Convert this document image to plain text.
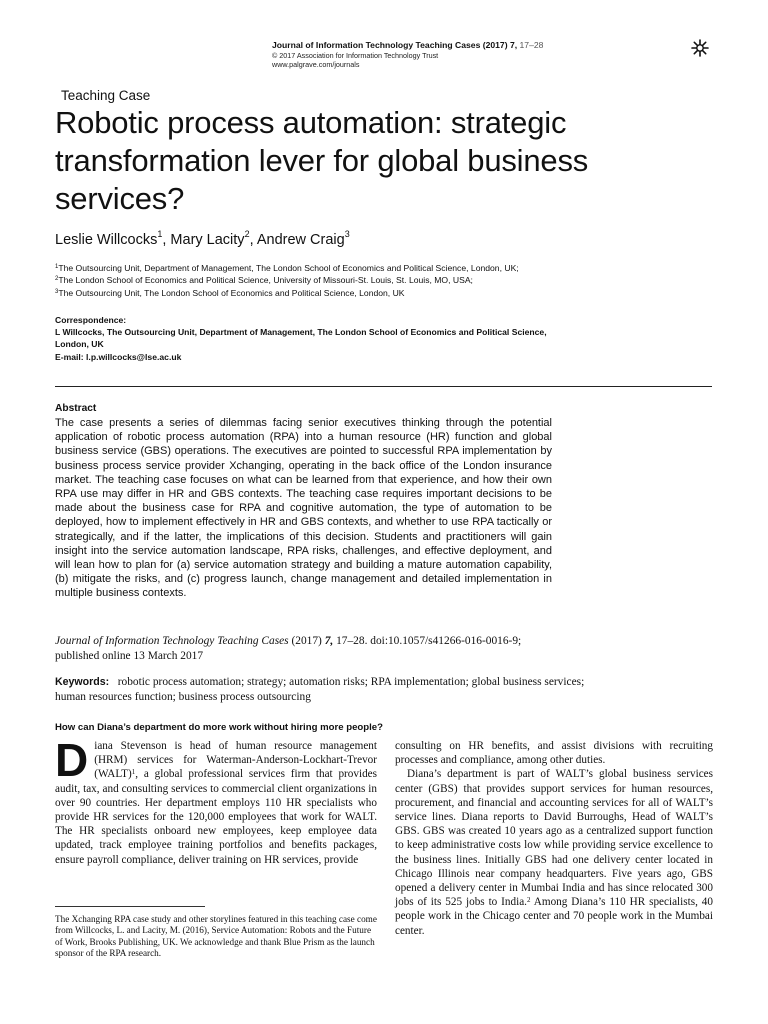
Journal of Information Technology Teaching Cases (2017) 7, 17–28
© 2017 Association for Information Technology Trust
www.palgrave.com/journals
Teaching Case
Robotic process automation: strategic transformation lever for global business services?
Leslie Willcocks$^1$, Mary Lacity$^2$, Andrew Craig$^3$
$^1$The Outsourcing Unit, Department of Management, The London School of Economics and Political Science, London, UK;
$^2$The London School of Economics and Political Science, University of Missouri-St. Louis, St. Louis, MO, USA;
$^3$The Outsourcing Unit, The London School of Economics and Political Science, London, UK
Correspondence:
L Willcocks, The Outsourcing Unit, Department of Management, The London School of Economics and Political Science,
London, UK
E-mail: l.p.willcocks@lse.ac.uk
Abstract
The case presents a series of dilemmas facing senior executives thinking through the potential application of robotic process automation (RPA) into a human resource (HR) function and global business service (GBS) operations. The executives are pointed to successful RPA implementation by business process service provider Xchanging, operating in the back office of the London insurance market. The teaching case focuses on what can be learned from that experience, and how their own RPA use may differ in HR and GBS contexts. The teaching case requires important decisions to be made about the business case for RPA and cognitive automation, the type of automation to be deployed, how to implement effectively in HR and GBS contexts, and whether to use RPA tactically or strategically, and if the latter, the implications of this decision. Students and practitioners will gain insight into the service automation landscape, RPA risks, challenges, and effective deployment, and will lean how to plan for (a) service automation strategy and building a mature automation capability, (b) mitigate the risks, and (c) progress launch, change management and detailed implementation in multiple business contexts.
Journal of Information Technology Teaching Cases (2017) 7, 17–28. doi:10.1057/s41266-016-0016-9;
published online 13 March 2017
Keywords: robotic process automation; strategy; automation risks; RPA implementation; global business services; human resources function; business process outsourcing
How can Diana’s department do more work without hiring more people?

Diana Stevenson is head of human resource management (HRM) services for Waterman-Anderson-Lockhart-Trevor (WALT)$^1$, a global professional services firm that provides audit, tax, and consulting services to commercial client organizations in over 90 countries. Her department employs 110 HR specialists who provide HR services for the 120,000 employees that work for WALT. The HR specialists onboard new employees, keep employee data updated, track employee training portfolios and benefits packages, ensure payroll compliance, deliver training on HR services, provide

consulting on HR benefits, and assist divisions with recruiting processes and compliance, among other duties.

Diana’s department is part of WALT’s global business services center (GBS) that provides support services for human resources, procurement, and financial and accounting services for all of WALT’s service lines. Diana reports to David Burroughs, Head of WALT’s GBS. GBS was created 10 years ago as a centralized support function to keep administrative costs low while providing service excellence to the business lines. Initially GBS had one delivery center located in Chicago Illinois near company headquarters. Five years ago, GBS opened a delivery center in Mumbai India and has since relocated 300 jobs of its 525 jobs to India.$^2$ Among Diana’s 110 HR specialists, 40 people work in the Chicago center and 70 people work in the Mumbai center.

The Xchanging RPA case study and other storylines featured in this teaching case come from Willcocks, L. and Lacity, M. (2016), Service Automation: Robots and the Future of Work, Brooks Publishing, UK. We acknowledge and thank Blue Prism as the launch sponsor of the RPA research.
